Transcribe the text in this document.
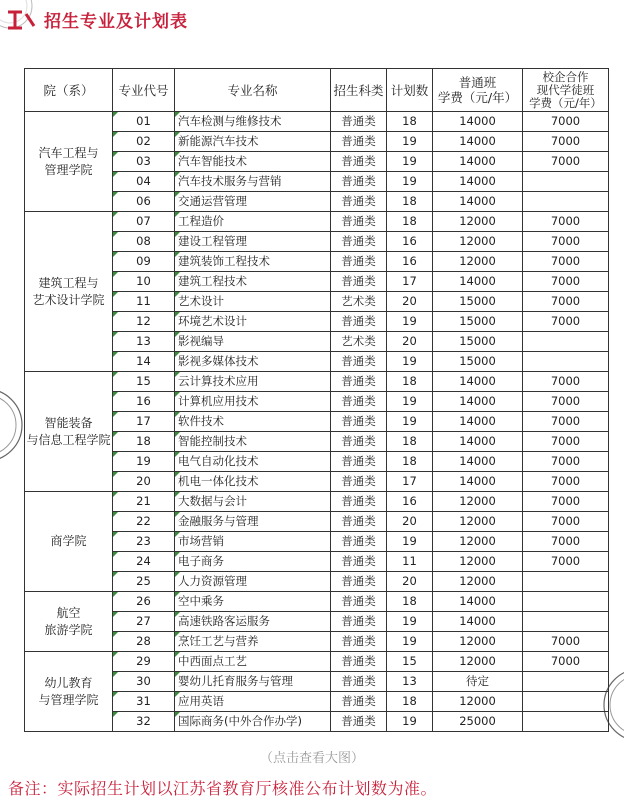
招生专业及计划表
院（系）	专业代号	专业名称	招生科类	计划数	普通班
学费（元/年）	校企合作
现代学徒班
学费（元/年）
汽车工程与
管理学院	01	汽车检测与维修技术	普通类	18	14000	7000

02	新能源汽车技术	普通类	19	14000	7000

03	汽车智能技术	普通类	19	14000	7000

04	汽车技术服务与营销	普通类	19	14000	

06	交通运营管理	普通类	18	14000	
建筑工程与
艺术设计学院	07	工程造价	普通类	18	12000	7000

08	建设工程管理	普通类	16	12000	7000

09	建筑装饰工程技术	普通类	16	12000	7000

10	建筑工程技术	普通类	17	14000	7000

11	艺术设计	艺术类	20	15000	7000

12	环境艺术设计	普通类	19	15000	7000

13	影视编导	艺术类	20	15000	

14	影视多媒体技术	普通类	19	15000	
智能装备
与信息工程学院	15	云计算技术应用	普通类	18	14000	7000

16	计算机应用技术	普通类	19	14000	7000

17	软件技术	普通类	19	14000	7000

18	智能控制技术	普通类	18	14000	7000

19	电气自动化技术	普通类	18	14000	7000

20	机电一体化技术	普通类	17	14000	7000
商学院	21	大数据与会计	普通类	16	12000	7000

22	金融服务与管理	普通类	20	12000	7000

23	市场营销	普通类	19	12000	7000

24	电子商务	普通类	11	12000	7000

25	人力资源管理	普通类	20	12000	
航空
旅游学院	26	空中乘务	普通类	18	14000	

27	高速铁路客运服务	普通类	19	14000	

28	烹饪工艺与营养	普通类	19	12000	7000
幼儿教育
与管理学院	29	中西面点工艺	普通类	15	12000	7000

30	婴幼儿托育服务与管理	普通类	13	待定	

31	应用英语	普通类	18	12000	

32	国际商务(中外合作办学)	普通类	19	25000	
（点击查看大图）
备注：实际招生计划以江苏省教育厅核准公布计划数为准。
